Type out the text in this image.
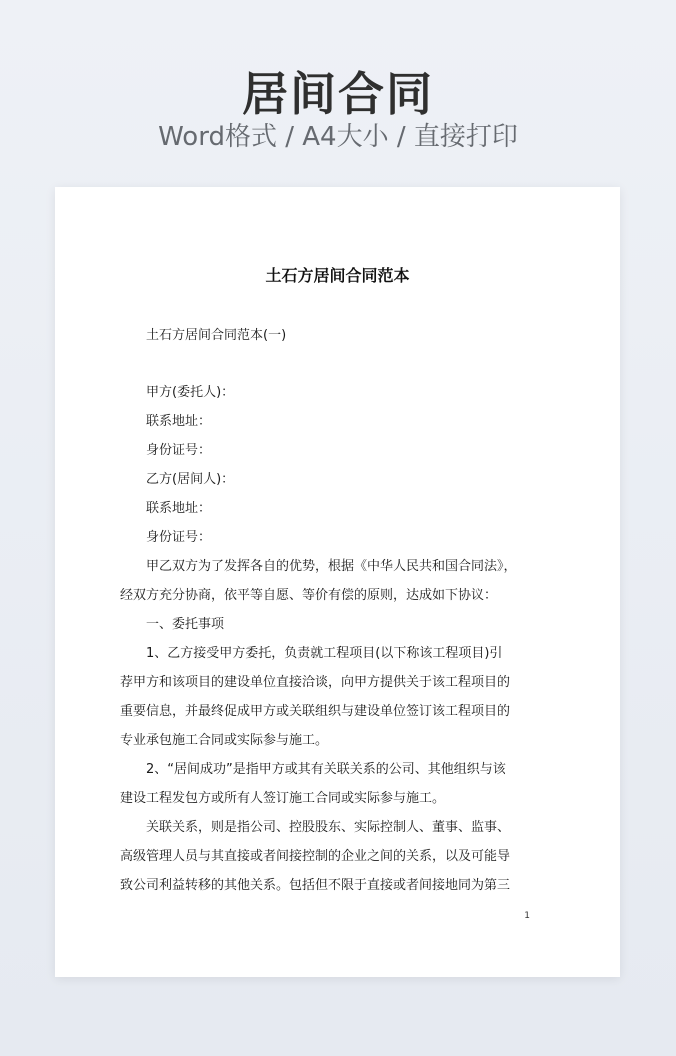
居间合同
Word格式 / A4大小 / 直接打印
土石方居间合同范本
土石方居间合同范本(一)
甲方(委托人)：
联系地址：
身份证号：
乙方(居间人)：
联系地址：
身份证号：
甲乙双方为了发挥各自的优势，根据《中华人民共和国合同法》，
经双方充分协商，依平等自愿、等价有偿的原则，达成如下协议：
一、委托事项
1、乙方接受甲方委托，负责就工程项目(以下称该工程项目)引
荐甲方和该项目的建设单位直接洽谈，向甲方提供关于该工程项目的
重要信息，并最终促成甲方或关联组织与建设单位签订该工程项目的
专业承包施工合同或实际参与施工。
2、“居间成功”是指甲方或其有关联关系的公司、其他组织与该
建设工程发包方或所有人签订施工合同或实际参与施工。
关联关系，则是指公司、控股股东、实际控制人、董事、监事、
高级管理人员与其直接或者间接控制的企业之间的关系，以及可能导
致公司利益转移的其他关系。包括但不限于直接或者间接地同为第三
1
